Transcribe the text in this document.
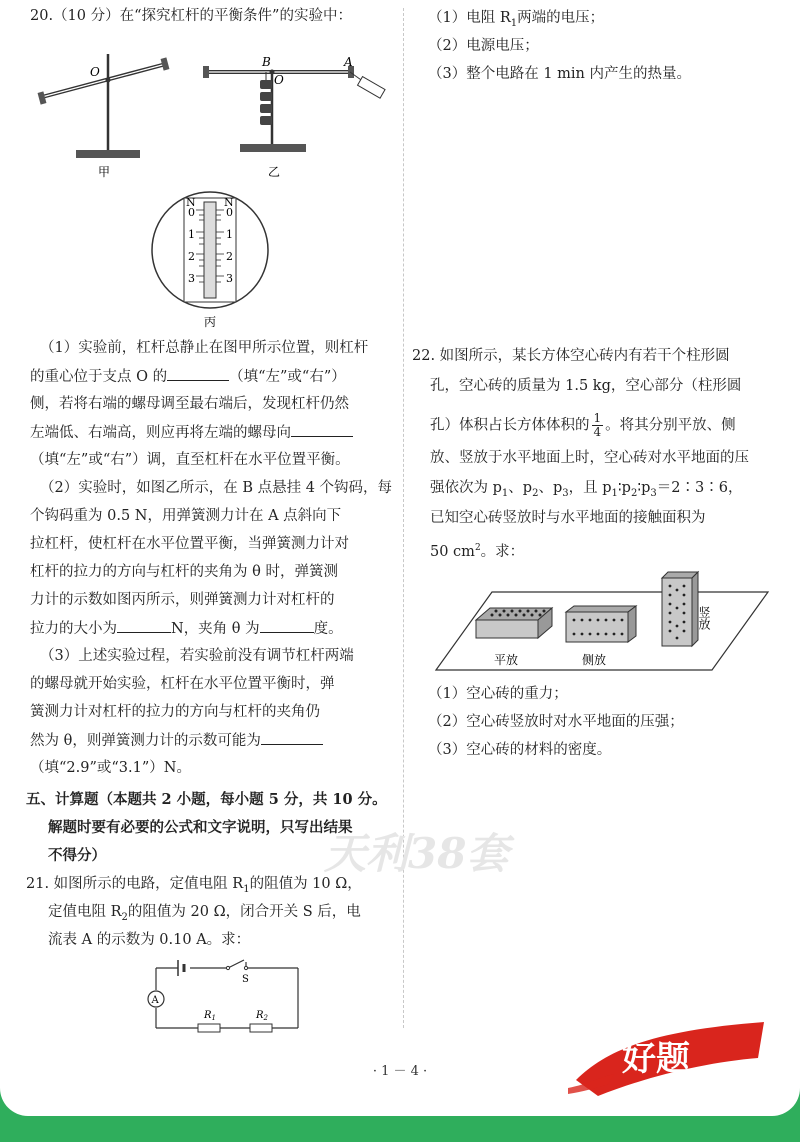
20.（10 分）在“探究杠杆的平衡条件”的实验中：
O
甲
B
O
A
乙
N	N
0
1
2
3
0
1
2
3
丙
（1）实验前，杠杆总静止在图甲所示位置，则杠杆
的重心位于支点 O 的	（填“左”或“右”）
侧，若将右端的螺母调至最右端后，发现杠杆仍然
左端低、右端高，则应再将左端的螺母向
（填“左”或“右”）调，直至杠杆在水平位置平衡。
（2）实验时，如图乙所示，在 B 点悬挂 4 个钩码，每
个钩码重为 0.5 N，用弹簧测力计在 A 点斜向下
拉杠杆，使杠杆在水平位置平衡，当弹簧测力计对
杠杆的拉力的方向与杠杆的夹角为 θ 时，弹簧测
力计的示数如图丙所示，则弹簧测力计对杠杆的
拉力的大小为	N，夹角 θ 为	度。
（3）上述实验过程，若实验前没有调节杠杆两端
的螺母就开始实验，杠杆在水平位置平衡时，弹
簧测力计对杠杆的拉力的方向与杠杆的夹角仍
然为 θ，则弹簧测力计的示数可能为
（填“2.9”或“3.1”）N。
五、计算题（本题共 2 小题，每小题 5 分，共 10 分。
解题时要有必要的公式和文字说明，只写出结果
不得分）
21. 如图所示的电路，定值电阻 $R_1$的阻值为 10 Ω，
定值电阻 $R_2$的阻值为 20 Ω，闭合开关 S 后，电
流表 A 的示数为 0.10 A。求：
A
S
$R_1$	$R_2$
（1）电阻 $R_1$两端的电压；
（2）电源电压；
（3）整个电路在 1 min 内产生的热量。
22. 如图所示，某长方体空心砖内有若干个柱形圆
孔，空心砖的质量为 1.5 kg，空心部分（柱形圆
孔）体积占长方体体积的 $\frac{1}{4}$ 。将其分别平放、侧
放、竖放于水平地面上时，空心砖对水平地面的压
强依次为 $p_1$、$p_2$、$p_3$，且 $p_1∶p_2∶p_3=2∶3∶6$，
已知空心砖竖放时与水平地面的接触面积为
50 $cm^2$。求：
平放	侧放
竖放
（1）空心砖的重力；
（2）空心砖竖放时对水平地面的压强；
（3）空心砖的材料的密度。
天利38套
· 1 － 4 ·	好题
